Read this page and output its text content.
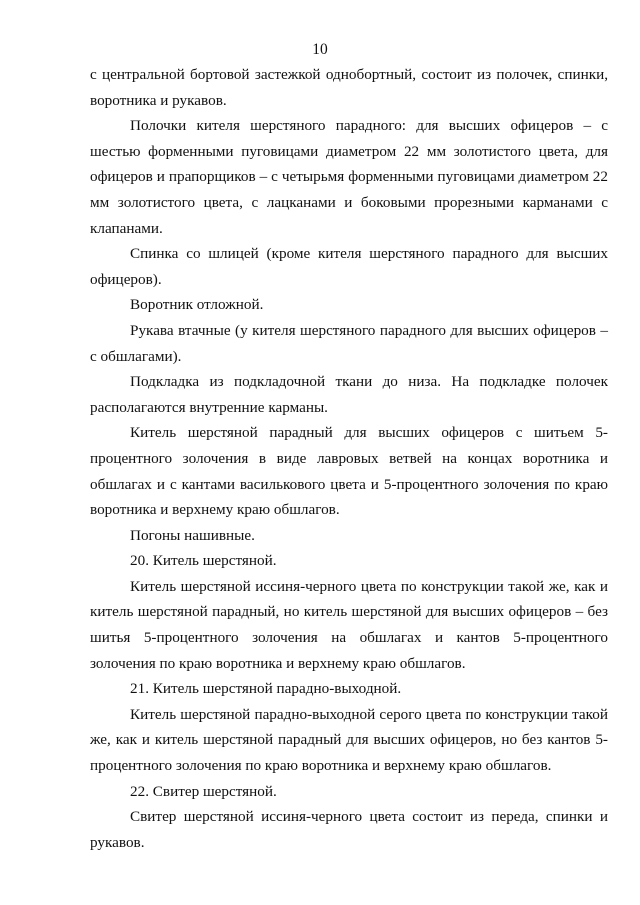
10

с центральной бортовой застежкой однобортный, состоит из полочек, спинки, воротника и рукавов.

Полочки кителя шерстяного парадного: для высших офицеров – с шестью форменными пуговицами диаметром 22 мм золотистого цвета, для офицеров и прапорщиков – с четырьмя форменными пуговицами диаметром 22 мм золотистого цвета, с лацканами и боковыми прорезными карманами с клапанами.

Спинка со шлицей (кроме кителя шерстяного парадного для высших офицеров).

Воротник отложной.

Рукава втачные (у кителя шерстяного парадного для высших офицеров – с обшлагами).

Подкладка из подкладочной ткани до низа. На подкладке полочек располагаются внутренние карманы.

Китель шерстяной парадный для высших офицеров с шитьем 5-процентного золочения в виде лавровых ветвей на концах воротника и обшлагах и с кантами василькового цвета и 5-процентного золочения по краю воротника и верхнему краю обшлагов.

Погоны нашивные.

20. Китель шерстяной.

Китель шерстяной иссиня-черного цвета по конструкции такой же, как и китель шерстяной парадный, но китель шерстяной для высших офицеров – без шитья 5-процентного золочения на обшлагах и кантов 5-процентного золочения по краю воротника и верхнему краю обшлагов.

21. Китель шерстяной парадно-выходной.

Китель шерстяной парадно-выходной серого цвета по конструкции такой же, как и китель шерстяной парадный для высших офицеров, но без кантов 5-процентного золочения по краю воротника и верхнему краю обшлагов.

22. Свитер шерстяной.

Свитер шерстяной иссиня-черного цвета состоит из переда, спинки и рукавов.
